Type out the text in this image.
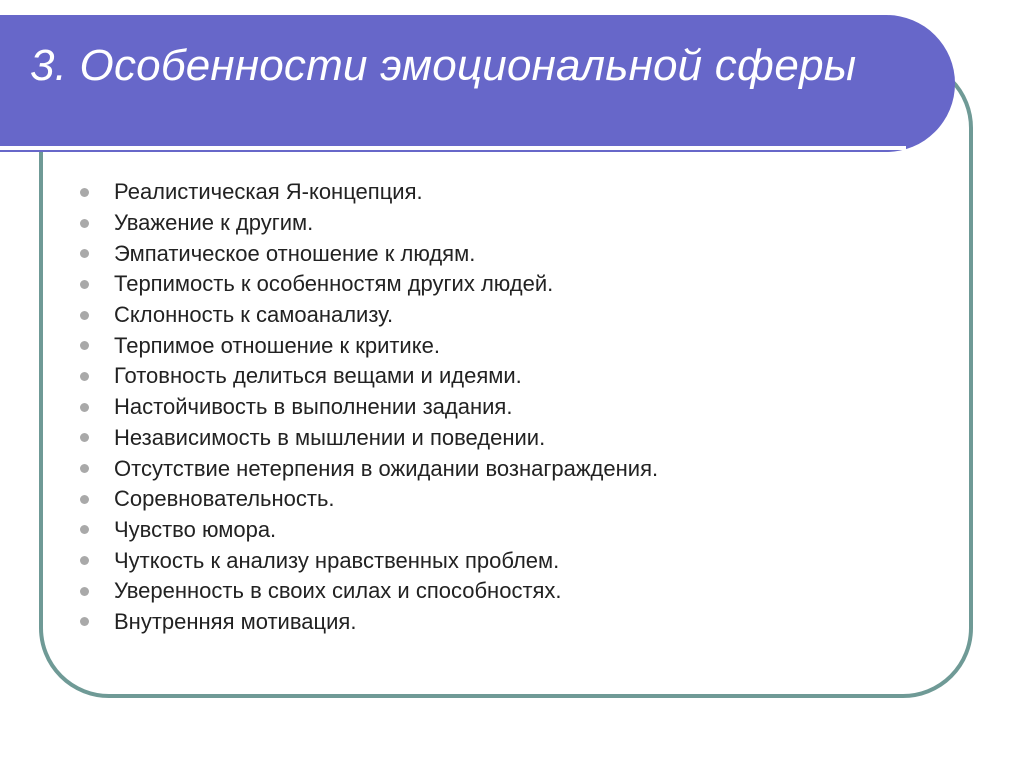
3. Особенности эмоциональной сферы
Реалистическая Я-концепция.
Уважение к другим.
Эмпатическое отношение к людям.
Терпимость к особенностям других людей.
Склонность к самоанализу.
Терпимое отношение к критике.
Готовность делиться вещами и идеями.
Настойчивость в выполнении задания.
Независимость в мышлении и поведении.
Отсутствие нетерпения в ожидании вознаграждения.
Соревновательность.
Чувство юмора.
Чуткость к анализу нравственных проблем.
Уверенность в своих силах и способностях.
Внутренняя мотивация.
